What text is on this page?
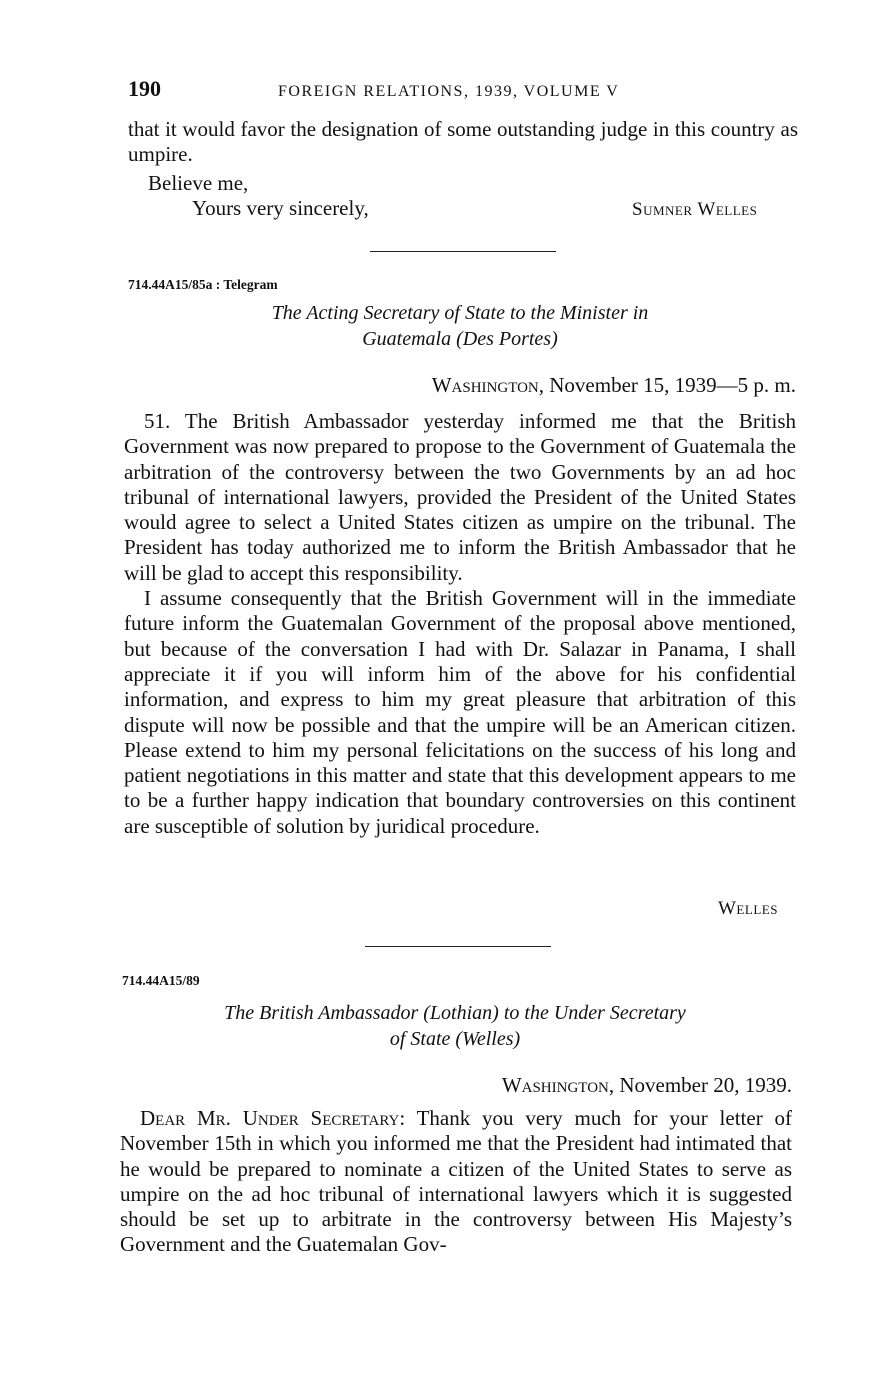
190	FOREIGN RELATIONS, 1939, VOLUME V

that it would favor the designation of some outstanding judge in this country as umpire.

Believe me,
Yours very sincerely,	Sumner Welles
714.44A15/85a : Telegram
The Acting Secretary of State to the Minister in
Guatemala (Des Portes)
Washington, November 15, 1939—5 p. m.

51. The British Ambassador yesterday informed me that the British Government was now prepared to propose to the Government of Guatemala the arbitration of the controversy between the two Governments by an ad hoc tribunal of international lawyers, provided the President of the United States would agree to select a United States citizen as umpire on the tribunal. The President has today authorized me to inform the British Ambassador that he will be glad to accept this responsibility.

I assume consequently that the British Government will in the immediate future inform the Guatemalan Government of the proposal above mentioned, but because of the conversation I had with Dr. Salazar in Panama, I shall appreciate it if you will inform him of the above for his confidential information, and express to him my great pleasure that arbitration of this dispute will now be possible and that the umpire will be an American citizen. Please extend to him my personal felicitations on the success of his long and patient negotiations in this matter and state that this development appears to me to be a further happy indication that boundary controversies on this continent are susceptible of solution by juridical procedure.

Welles
714.44A15/89
The British Ambassador (Lothian) to the Under Secretary
of State (Welles)
Washington, November 20, 1939.

Dear Mr. Under Secretary: Thank you very much for your letter of November 15th in which you informed me that the President had intimated that he would be prepared to nominate a citizen of the United States to serve as umpire on the ad hoc tribunal of international lawyers which it is suggested should be set up to arbitrate in the controversy between His Majesty’s Government and the Guatemalan Gov-
